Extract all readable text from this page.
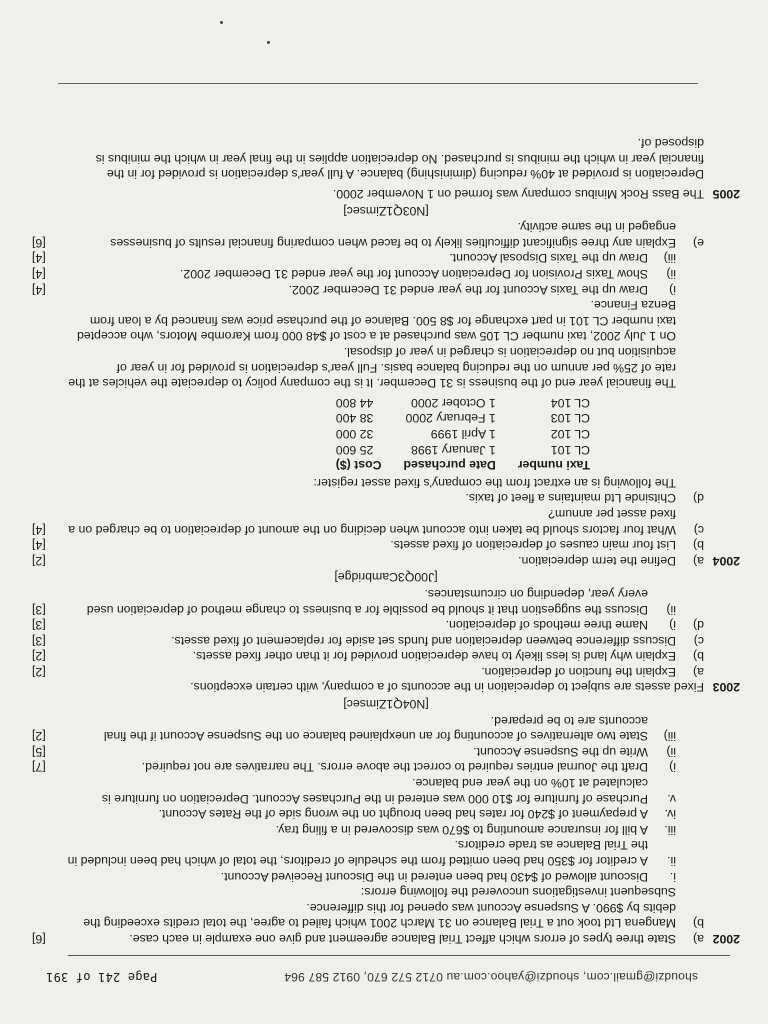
shoudzi@gmail.com, shoudzi@yahoo.com.au 0712 572 670, 0912 587 964
Page 241 of 391
2002
a)
State three types of errors which affect Trial Balance agreement and give one example in each case.
[6]
b)
Mangena Ltd took out a Trial Balance on 31 March 2001 which failed to agree, the total credits exceeding the debits by $990. A Suspense Account was opened for this difference.
Subsequent investigations uncovered the following errors:
i.
Discount allowed of $430 had been entered in the Discount Received Account.
ii.
A creditor for $350 had been omitted from the schedule of creditors, the total of which had been included in the Trial Balance as trade creditors.
iii.
A bill for insurance amounting to $670 was discovered in a filing tray.
iv.
A prepayment of $240 for rates had been brought on the wrong side of the Rates Account.
v.
Purchase of furniture for $10 000 was entered in the Purchases Account. Depreciation on furniture is calculated at 10% on the year end balance.
i)
Draft the Journal entries required to correct the above errors. The narratives are not required.
[7]
ii)
Write up the Suspense Account.
[5]
iii)
State two alternatives of accounting for an unexplained balance on the Suspense Account if the final accounts are to be prepared.
[2]
[N04Q1Zimsec]
2003
Fixed assets are subject to depreciation in the accounts of a company, with certain exceptions.
a)
Explain the function of depreciation.
[2]
b)
Explain why land is less likely to have depreciation provided for it than other fixed assets.
[2]
c)
Discuss difference between depreciation and funds set aside for replacement of fixed assets.
[3]
d)
i)
Name three methods of depreciation.
[3]
ii)
Discuss the suggestion that it should be possible for a business to change method of depreciation used every year, depending on circumstances.
[3]
[J00Q3Cambridge]
2004
a)
Define the term depreciation.
[2]
b)
List four main causes of depreciation of fixed assets.
[4]
c)
What four factors should be taken into account when deciding on the amount of depreciation to be charged on a fixed asset per annum?
[4]
d)
Chitsinde Ltd maintains a fleet of taxis.
The following is an extract from the company's fixed asset register:
Taxi number	Date purchased	Cost ($)
CL 101	1 January 1998	25 600
CL 102	1 April 1999	32 000
CL 103	1 February 2000	38 400
CL 104	1 October 2000	44 800
The financial year end of the business is 31 December. It is the company policy to depreciate the vehicles at the rate of 25% per annum on the reducing balance basis. Full year's depreciation is provided for in year of acquisition but no depreciation is charged in year of disposal.
On 1 July 2002, taxi number CL 105 was purchased at a cost of $48 000 from Karombe Motors, who accepted taxi number CL 101 in part exchange for $8 500. Balance of the purchase price was financed by a loan from Benza Finance.
i)
Draw up the Taxis Account for the year ended 31 December 2002.
[4]
ii)
Show Taxis Provision for Depreciation Account for the year ended 31 December 2002.
[4]
iii)
Draw up the Taxis Disposal Account.
[4]
e)
Explain any three significant difficulties likely to be faced when comparing financial results of businesses engaged in the same activity.
[6]
[N03Q1Zimsec]
2005
The Bass Rock Minibus company was formed on 1 November 2000.
Depreciation is provided at 40% reducing (diminishing) balance. A full year's depreciation is provided for in the financial year in which the minibus is purchased. No depreciation applies in the final year in which the minibus is disposed of.
